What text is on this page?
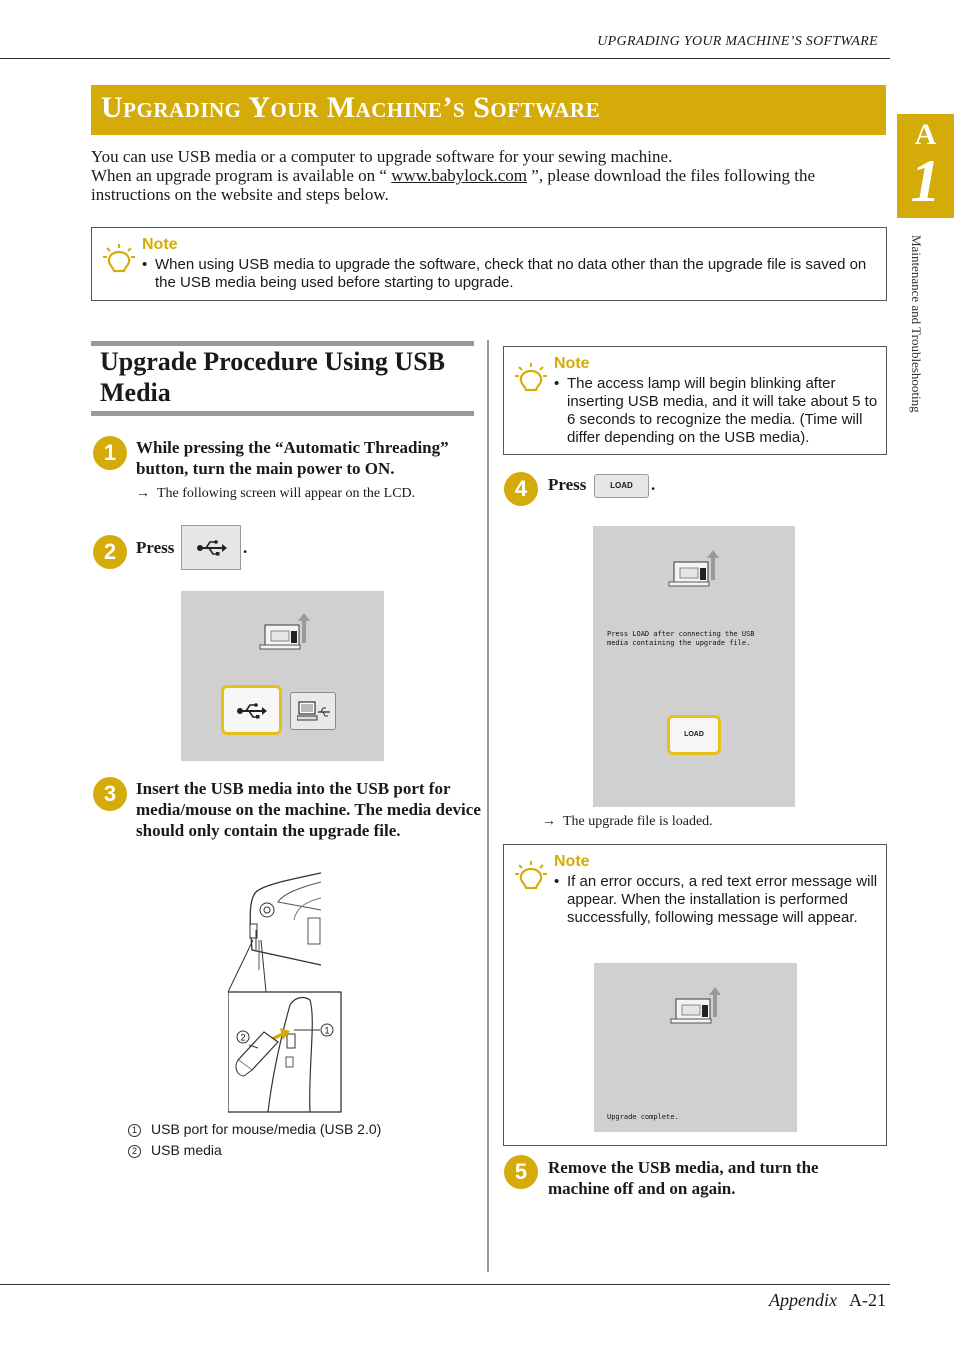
UPGRADING YOUR MACHINE’S SOFTWARE
Upgrading Your Machine’s Software
A
1
Maintenance and Troubleshooting
You can use USB media or a computer to upgrade software for your sewing machine.
When an upgrade program is available on “ www.babylock.com ”, please download the files following the instructions on the website and steps below.
Note
• When using USB media to upgrade the software, check that no data other than the upgrade file is saved on the USB media being used before starting to upgrade.
Upgrade Procedure Using USB Media
1	While pressing the “Automatic Threading” button, turn the main power to ON.
→ The following screen will appear on the LCD.
2	Press	.
3	Insert the USB media into the USB port for media/mouse on the machine. The media device should only contain the upgrade file.
1
2
1 USB port for mouse/media (USB 2.0)
2 USB media
Note
• The access lamp will begin blinking after inserting USB media, and it will take about 5 to 6 seconds to recognize the media. (Time will differ depending on the USB media).
4	Press	LOAD	.
Press LOAD after connecting the USB media containing the upgrade file.
LOAD
→ The upgrade file is loaded.
Note
• If an error occurs, a red text error message will appear. When the installation is performed successfully, following message will appear.
Upgrade complete.
5	Remove the USB media, and turn the machine off and on again.
Appendix A-21
